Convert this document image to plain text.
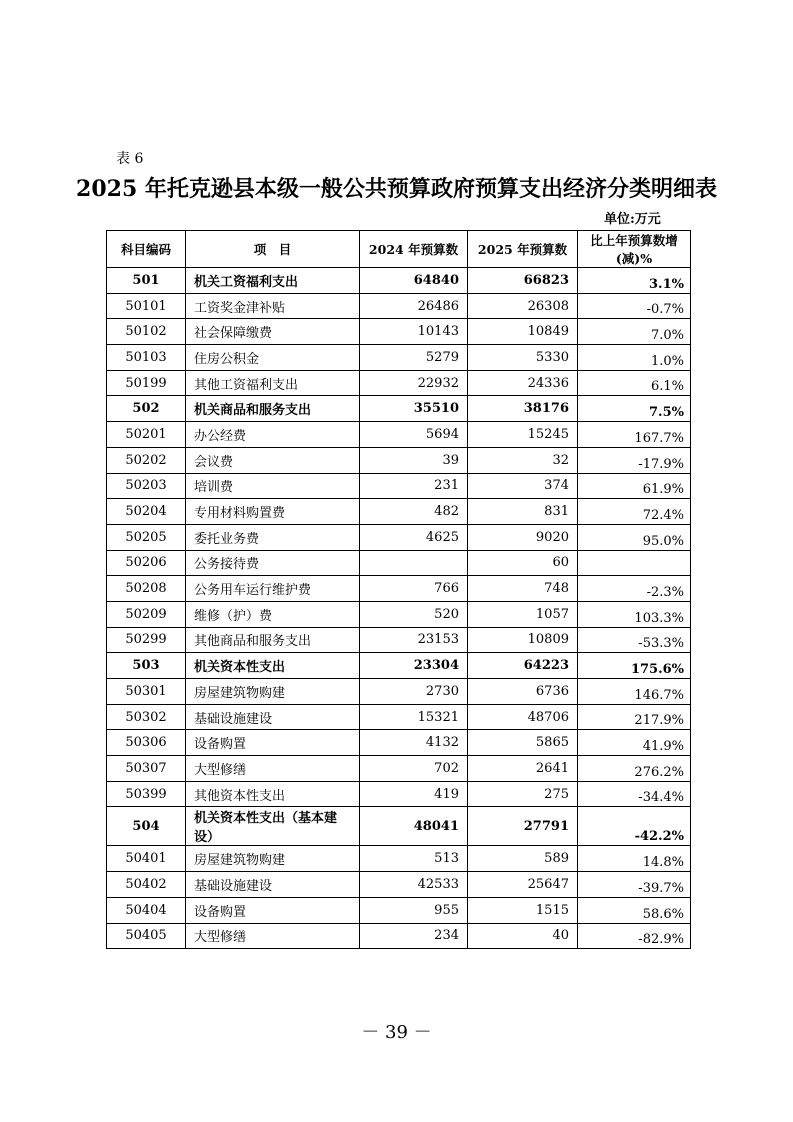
表 6
2025 年托克逊县本级一般公共预算政府预算支出经济分类明细表
单位:万元
科目编码	项　目	2024 年预算数	2025 年预算数	比上年预算数增(减)%
501	机关工资福利支出	64840	66823	3.1%
50101	工资奖金津补贴	26486	26308	-0.7%
50102	社会保障缴费	10143	10849	7.0%
50103	住房公积金	5279	5330	1.0%
50199	其他工资福利支出	22932	24336	6.1%
502	机关商品和服务支出	35510	38176	7.5%
50201	办公经费	5694	15245	167.7%
50202	会议费	39	32	-17.9%
50203	培训费	231	374	61.9%
50204	专用材料购置费	482	831	72.4%
50205	委托业务费	4625	9020	95.0%
50206	公务接待费		60	
50208	公务用车运行维护费	766	748	-2.3%
50209	维修（护）费	520	1057	103.3%
50299	其他商品和服务支出	23153	10809	-53.3%
503	机关资本性支出	23304	64223	175.6%
50301	房屋建筑物购建	2730	6736	146.7%
50302	基础设施建设	15321	48706	217.9%
50306	设备购置	4132	5865	41.9%
50307	大型修缮	702	2641	276.2%
50399	其他资本性支出	419	275	-34.4%
504	机关资本性支出（基本建设）	48041	27791	-42.2%
50401	房屋建筑物购建	513	589	14.8%
50402	基础设施建设	42533	25647	-39.7%
50404	设备购置	955	1515	58.6%
50405	大型修缮	234	40	-82.9%
－ 39 －
